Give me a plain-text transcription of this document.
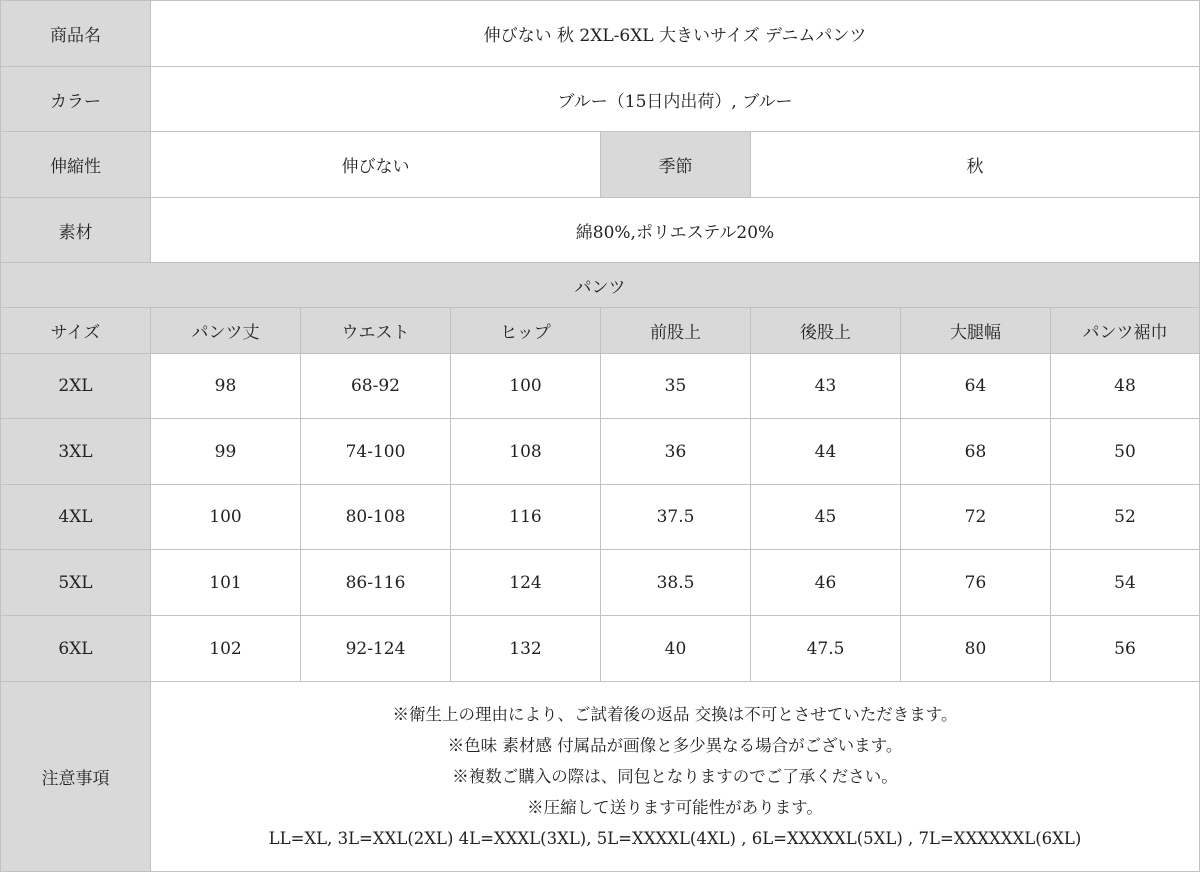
商品名	伸びない 秋 2XL-6XL 大きいサイズ デニムパンツ
カラー	ブルー（15日内出荷）, ブルー
伸縮性	伸びない	季節	秋
素材	綿80%,ポリエステル20%
パンツ
サイズ	パンツ丈	ウエスト	ヒップ	前股上	後股上	大腿幅	パンツ裾巾
2XL	98	68-92	100	35	43	64	48
3XL	99	74-100	108	36	44	68	50
4XL	100	80-108	116	37.5	45	72	52
5XL	101	86-116	124	38.5	46	76	54
6XL	102	92-124	132	40	47.5	80	56
注意事項
※衛生上の理由により、ご試着後の返品 交換は不可とさせていただきます。
※色味 素材感 付属品が画像と多少異なる場合がございます。
※複数ご購入の際は、同包となりますのでご了承ください。
※圧縮して送ります可能性があります。
LL=XL, 3L=XXL(2XL) 4L=XXXL(3XL), 5L=XXXXL(4XL) , 6L=XXXXXL(5XL) , 7L=XXXXXXL(6XL)
